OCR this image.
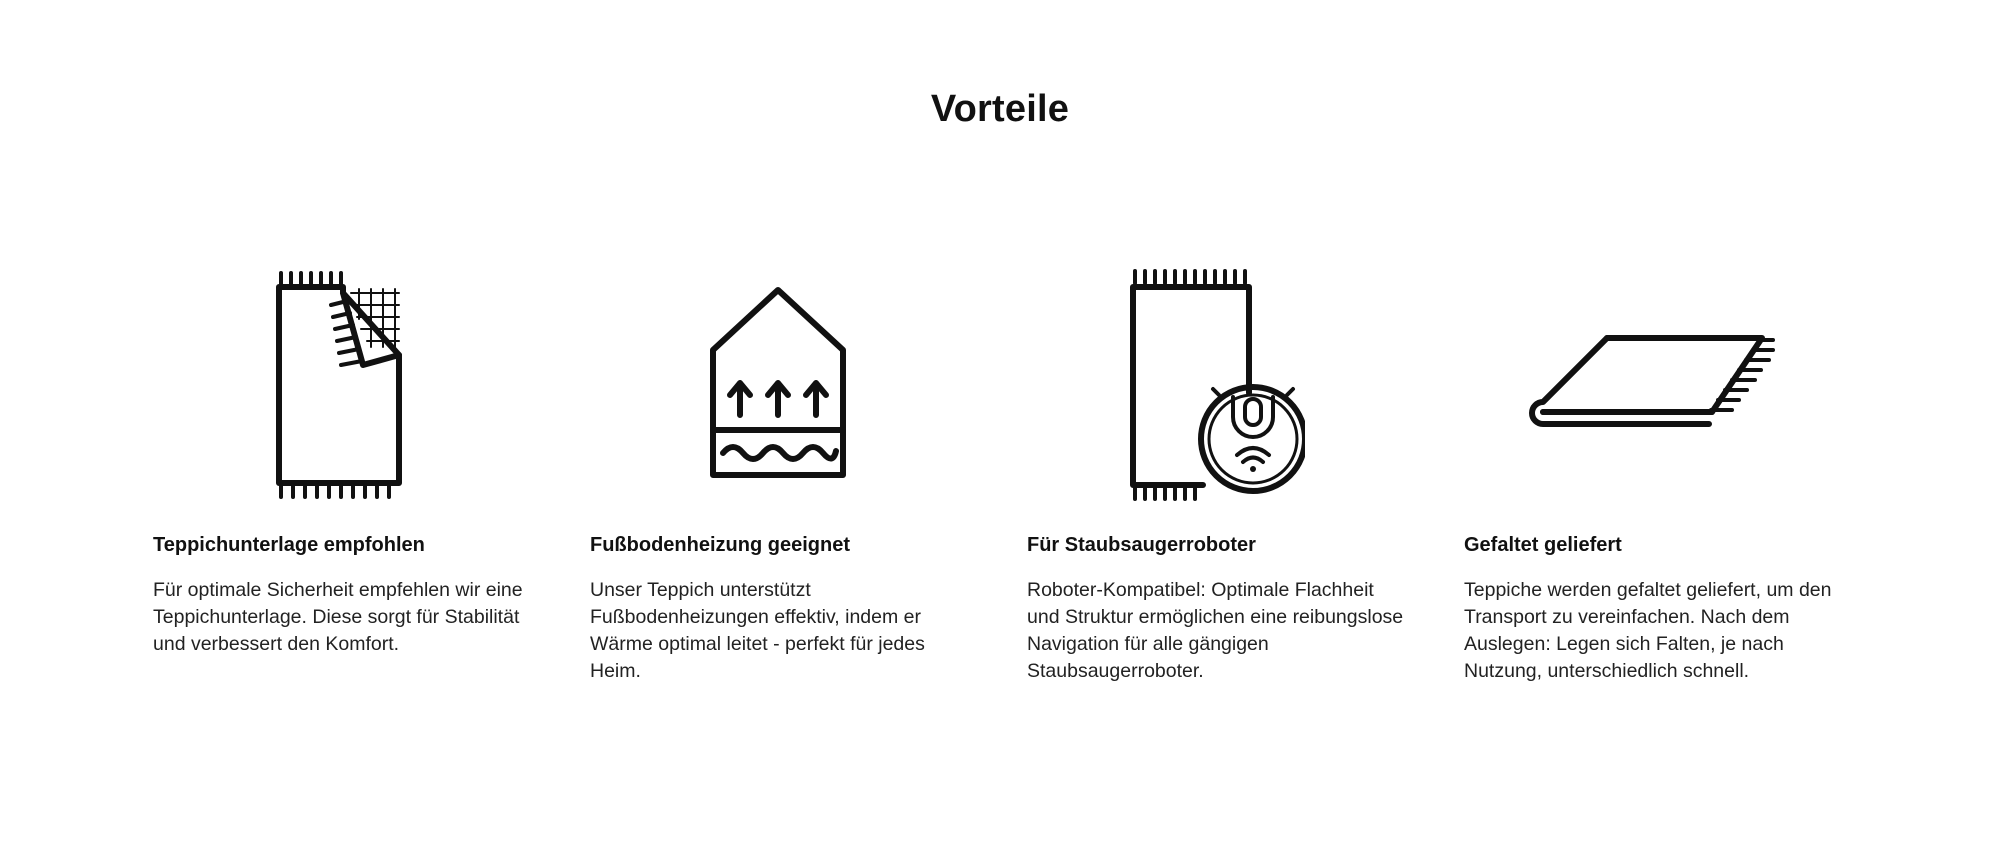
Vorteile
Teppichunterlage empfohlen

Für optimale Sicherheit empfehlen wir eine Teppichunterlage. Diese sorgt für Stabilität und verbessert den Komfort.

Fußbodenheizung geeignet

Unser Teppich unterstützt Fußbodenheizungen effektiv, indem er Wärme optimal leitet - perfekt für jedes Heim.

Für Staubsaugerroboter

Roboter-Kompatibel: Optimale Flachheit und Struktur ermöglichen eine reibungslose Navigation für alle gängigen Staubsaugerroboter.

Gefaltet geliefert

Teppiche werden gefaltet geliefert, um den Transport zu vereinfachen. Nach dem Auslegen: Legen sich Falten, je nach Nutzung, unterschiedlich schnell.
